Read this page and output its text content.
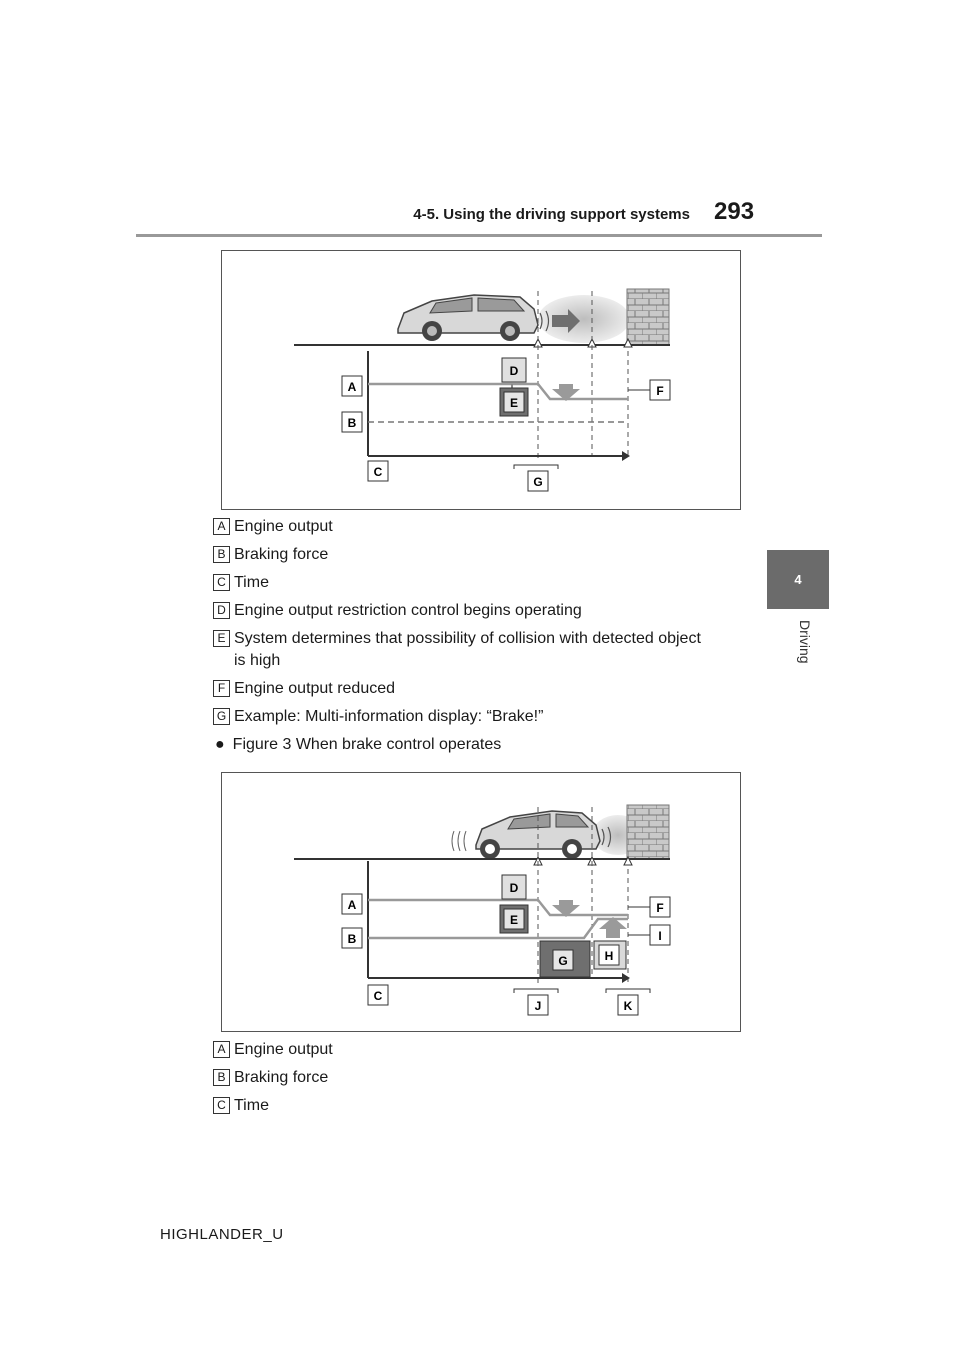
4-5. Using the driving support systems 293
4
Driving
A
B
C
D
E
F
G
A Engine output
B Braking force
C Time
D Engine output restriction control begins operating
E System determines that possibility of collision with detected object is high
F Engine output reduced
G Example: Multi-information display: “Brake!”
● Figure 3 When brake control operates
A
B
C
D
E
G	H
F
I
J	K
A Engine output
B Braking force
C Time
HIGHLANDER_U
